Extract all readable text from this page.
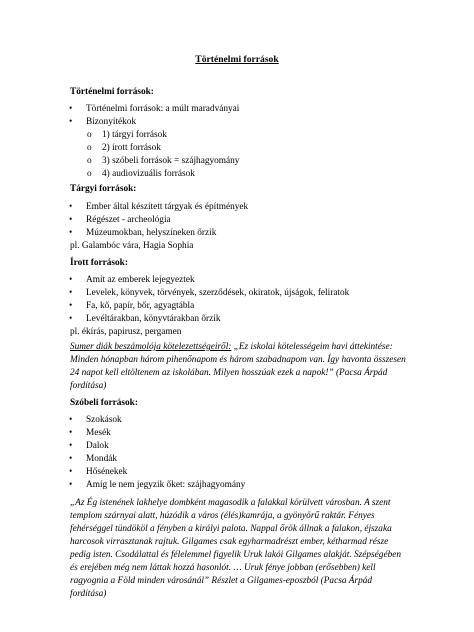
Történelmi források
Történelmi források:
• Történelmi források: a múlt maradványai
• Bizonyítékok
o 1) tárgyi források
o 2) írott források
o 3) szóbeli források = szájhagyomány
o 4) audiovizuális források
Tárgyi források:
• Ember által készített tárgyak és építmények
• Régészet - archeológia
• Múzeumokban, helyszíneken őrzik
pl. Galambóc vára, Hagia Sophia
Írott források:
• Amit az emberek lejegyeztek
• Levelek, könyvek, törvények, szerződések, okiratok, újságok, feliratok
• Fa, kő, papír, bőr, agyagtábla
• Levéltárakban, könyvtárakban őrzik
pl. ékírás, papirusz, pergamen
Sumer diák beszámolója kötelezettségeiről: „Ez iskolai kötelességeim havi áttekintése:
Minden hónapban három pihenőnapom és három szabadnapom van. Így havonta összesen
24 napot kell eltöltenem az iskolában. Milyen hosszúak ezek a napok!” (Pacsa Árpád
fordítása)
Szóbeli források:
• Szokások
• Mesék
• Dalok
• Mondák
• Hősénekek
• Amíg le nem jegyzik őket: szájhagyomány
„Az Ég istenének lakhelye dombként magasodik a falakkal körülvett városban. A szent
templom szárnyai alatt, húzódik a város (élés)kamrája, a gyönyörű raktár. Fényes
fehérséggel tündököl a fényben a királyi palota. Nappal őrök állnak a falakon, éjszaka
harcosok virrasztanak rajtuk. Gilgames csak egyharmadrészt ember, kétharmad része
pedig isten. Csodálattal és félelemmel figyelik Uruk lakói Gilgames alakját. Szépségében
és erejében még nem láttak hozzá hasonlót. … Uruk fénye jobban (erősebben) kell
ragyognia a Föld minden városánál” Részlet a Gilgames-eposzból (Pacsa Árpád
fordítása)
